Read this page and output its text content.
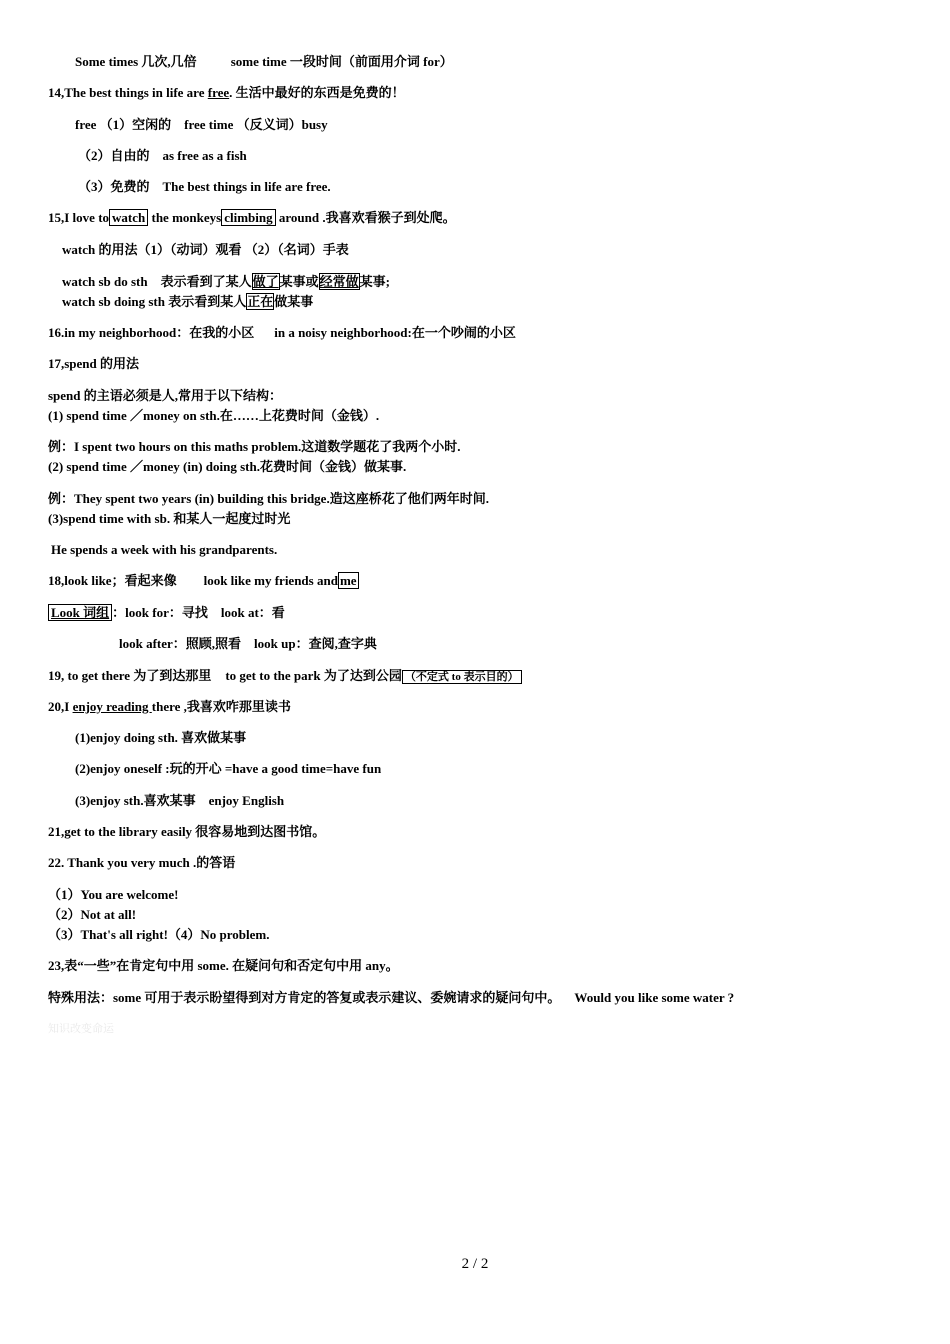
Some times 几次,几倍	some time 一段时间（前面用介词 for）
14,The best things in life are free. 生活中最好的东西是免费的！
free （1）空闲的　free time （反义词）busy
（2）自由的　as free as a fish
（3）免费的　The best things in life are free.
15,I love to watch the monkeys climbing around .我喜欢看猴子到处爬。
watch 的用法（1）（动词）观看 （2）（名词）手表
watch sb do sth　表示看到了某人做了某事或经常做某事;
watch sb doing sth 表示看到某人正在做某事
16.in my neighborhood：在我的小区 in a noisy neighborhood:在一个吵闹的小区
17,spend 的用法
spend 的主语必须是人,常用于以下结构：
(1) spend time ／money on sth.在……上花费时间（金钱）.
例：I spent two hours on this maths problem.这道数学题花了我两个小时.
(2) spend time ／money (in) doing sth.花费时间（金钱）做某事.
例：They spent two years (in) building this bridge.造这座桥花了他们两年时间.
(3)spend time with sb. 和某人一起度过时光
He spends a week with his grandparents.
18,look like；看起来像 look like my friends and me
Look 词组 ：look for：寻找　look at：看
look after：照顾,照看　look up：查阅,查字典
19, to get there 为了到达那里 to get to the park 为了达到公园 （不定式 to 表示目的）
20,I enjoy reading there ,我喜欢咋那里读书
(1)enjoy doing sth. 喜欢做某事
(2)enjoy oneself :玩的开心 =have a good time=have fun
(3)enjoy sth.喜欢某事　enjoy English
21,get to the library easily 很容易地到达图书馆。
22. Thank you very much .的答语
（1）You are welcome!
（2）Not at all!
（3）That's all right!（4）No problem.
23,表“一些”在肯定句中用 some. 在疑问句和否定句中用 any。
特殊用法：some 可用于表示盼望得到对方肯定的答复或表示建议、委婉请求的疑问句中。 Would you like some water ?
知识改变命运
2 / 2
